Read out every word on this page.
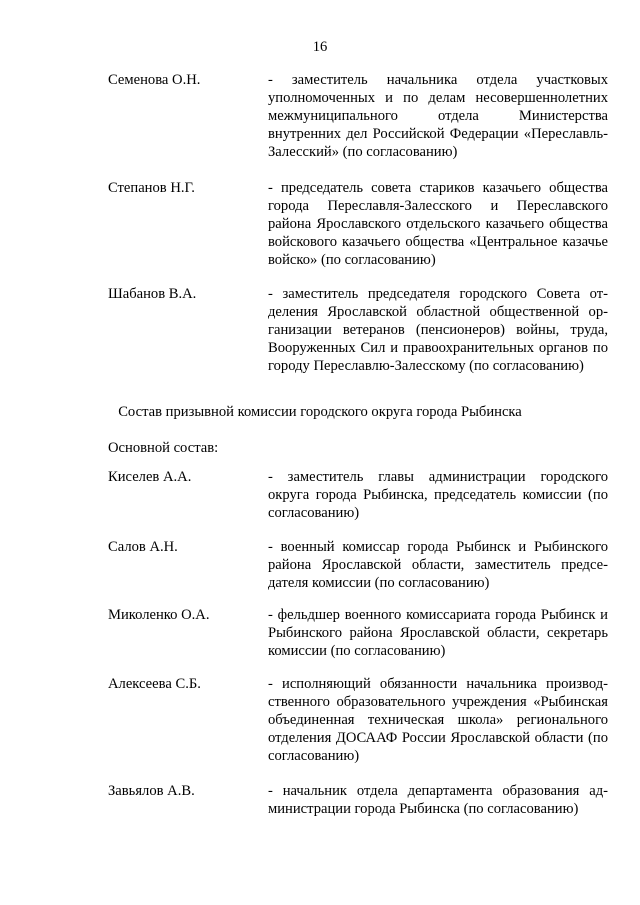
16
Семенова О.Н.	- заместитель начальника отдела участковых уполномоченных и по делам несовершеннолетних межмуниципального отдела Министерства внутренних дел Российской Федерации «Переславль-Залесский» (по согласованию)
Степанов Н.Г.	- председатель совета стариков казачьего общества города Переславля-Залесского и Переславского района Ярославского отдельского казачьего общества войскового казачьего общества «Центральное казачье войско» (по согласованию)
Шабанов В.А.	- заместитель председателя городского Совета отделения Ярославской областной общественной организации ветеранов (пенсионеров) войны, труда, Вооруженных Сил и правоохранительных органов по городу Переславлю-Залесскому (по согласованию)
Состав призывной комиссии городского округа города Рыбинска
Основной состав:
Киселев А.А.	- заместитель главы администрации городского округа города Рыбинска, председатель комиссии (по согласованию)
Салов А.Н.	- военный комиссар города Рыбинск и Рыбинского района Ярославской области, заместитель председателя комиссии (по согласованию)
Миколенко О.А.	- фельдшер военного комиссариата города Рыбинск и Рыбинского района Ярославской области, секретарь комиссии (по согласованию)
Алексеева С.Б.	- исполняющий обязанности начальника производственного образовательного учреждения «Рыбинская объединенная техническая школа» регионального отделения ДОСААФ России Ярославской области (по согласованию)
Завьялов А.В.	- начальник отдела департамента образования администрации города Рыбинска (по согласованию)
